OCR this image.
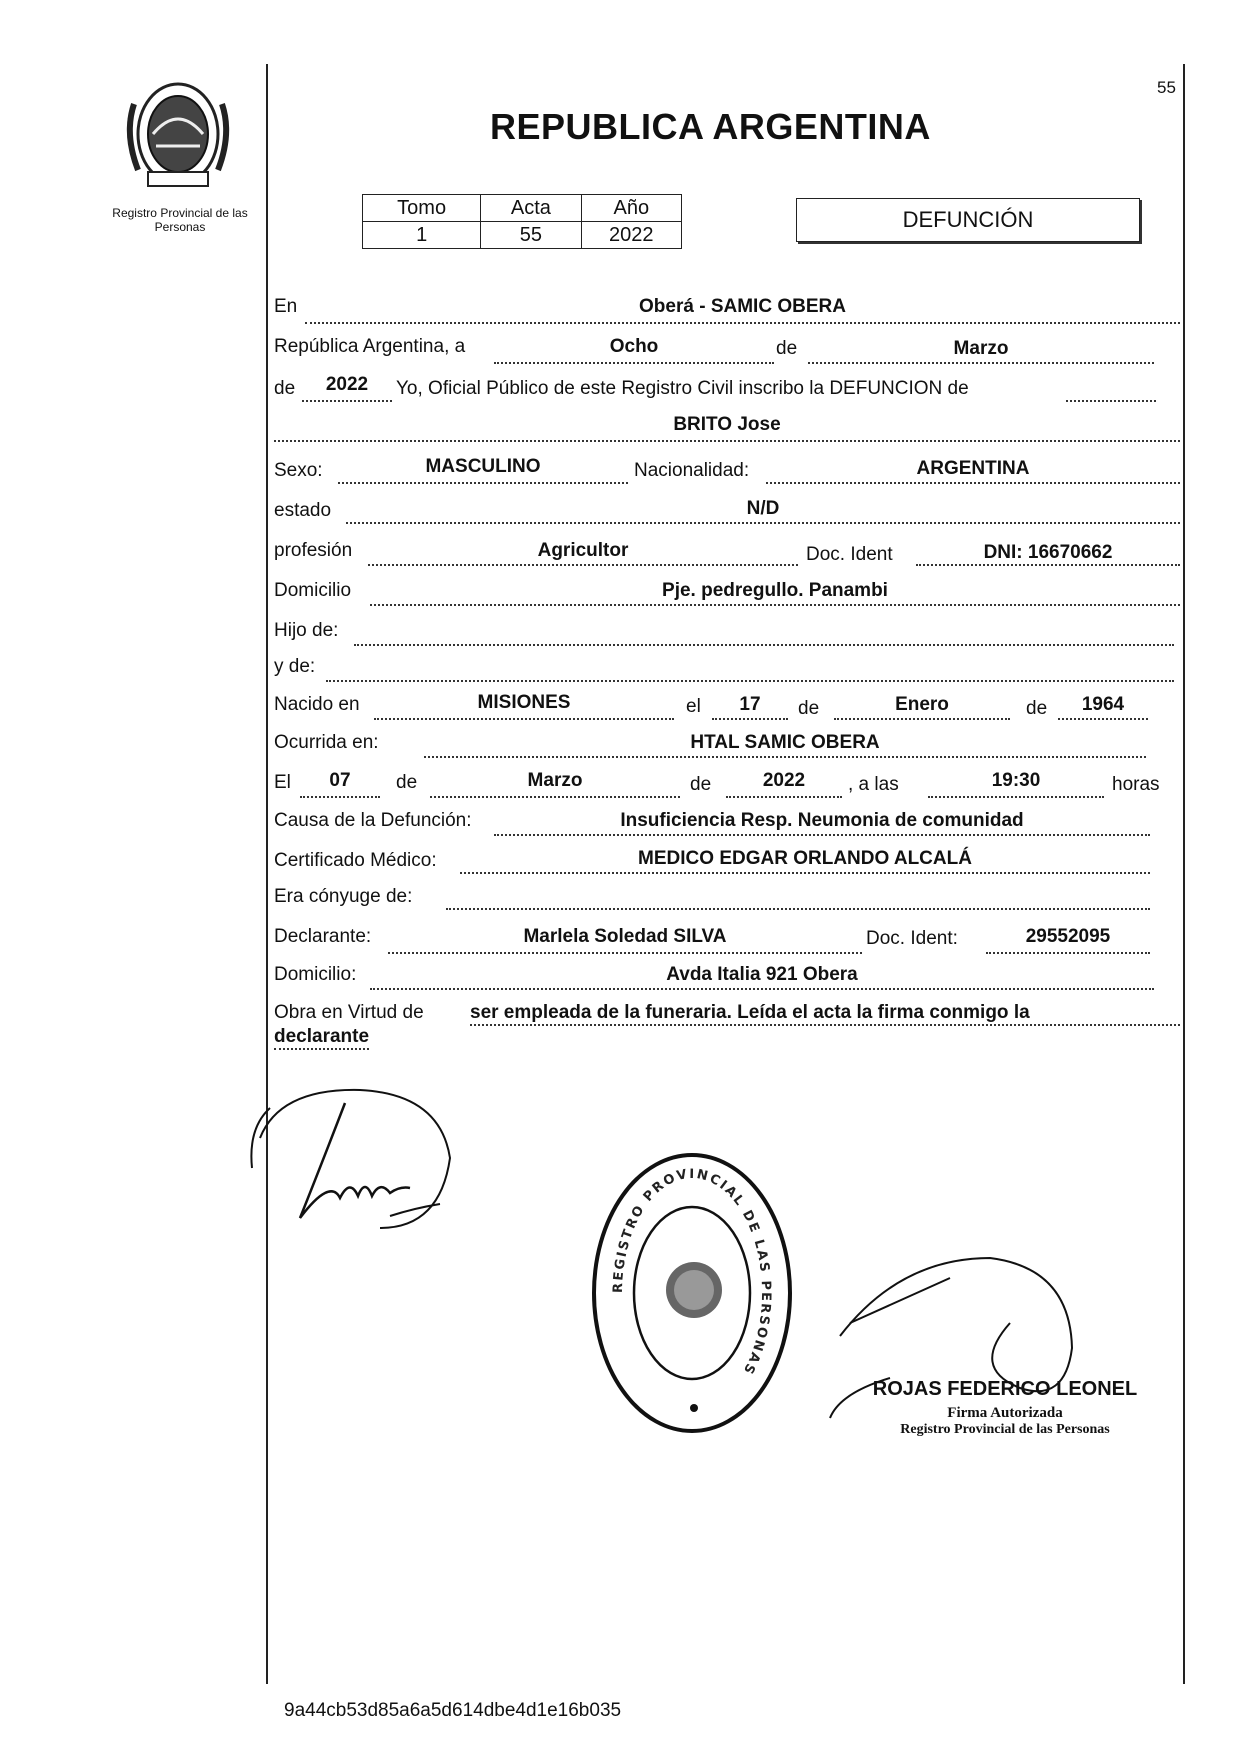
55
Registro Provincial de las Personas
REPUBLICA ARGENTINA
Tomo	Acta	Año
1	55	2022
DEFUNCIÓN
En	Oberá - SAMIC OBERA
República Argentina, a	Ocho	de	Marzo
de	2022	Yo, Oficial Público de este Registro Civil inscribo la DEFUNCION de
BRITO Jose
Sexo:	MASCULINO	Nacionalidad:	ARGENTINA
estado	N/D
profesión	Agricultor	Doc. Ident	DNI: 16670662
Domicilio	Pje. pedregullo. Panambi
Hijo de:
y de:
Nacido en	MISIONES	el	17	de	Enero	de	1964
Ocurrida en:	HTAL SAMIC OBERA
El	07	de	Marzo	de	2022	, a las	19:30	horas
Causa de la Defunción:	Insuficiencia Resp. Neumonia de comunidad
Certificado Médico:	MEDICO EDGAR ORLANDO ALCALÁ
Era cónyuge de:
Declarante:	Marlela Soledad SILVA	Doc. Ident:	29552095
Domicilio:	Avda Italia 921 Obera
Obra en Virtud de ser empleada de la funeraria. Leída el acta la firma conmigo la
declarante
REGISTRO PROVINCIAL DE LAS PERSONAS
ROJAS FEDERICO LEONEL
Firma Autorizada
Registro Provincial de las Personas
9a44cb53d85a6a5d614dbe4d1e16b035
